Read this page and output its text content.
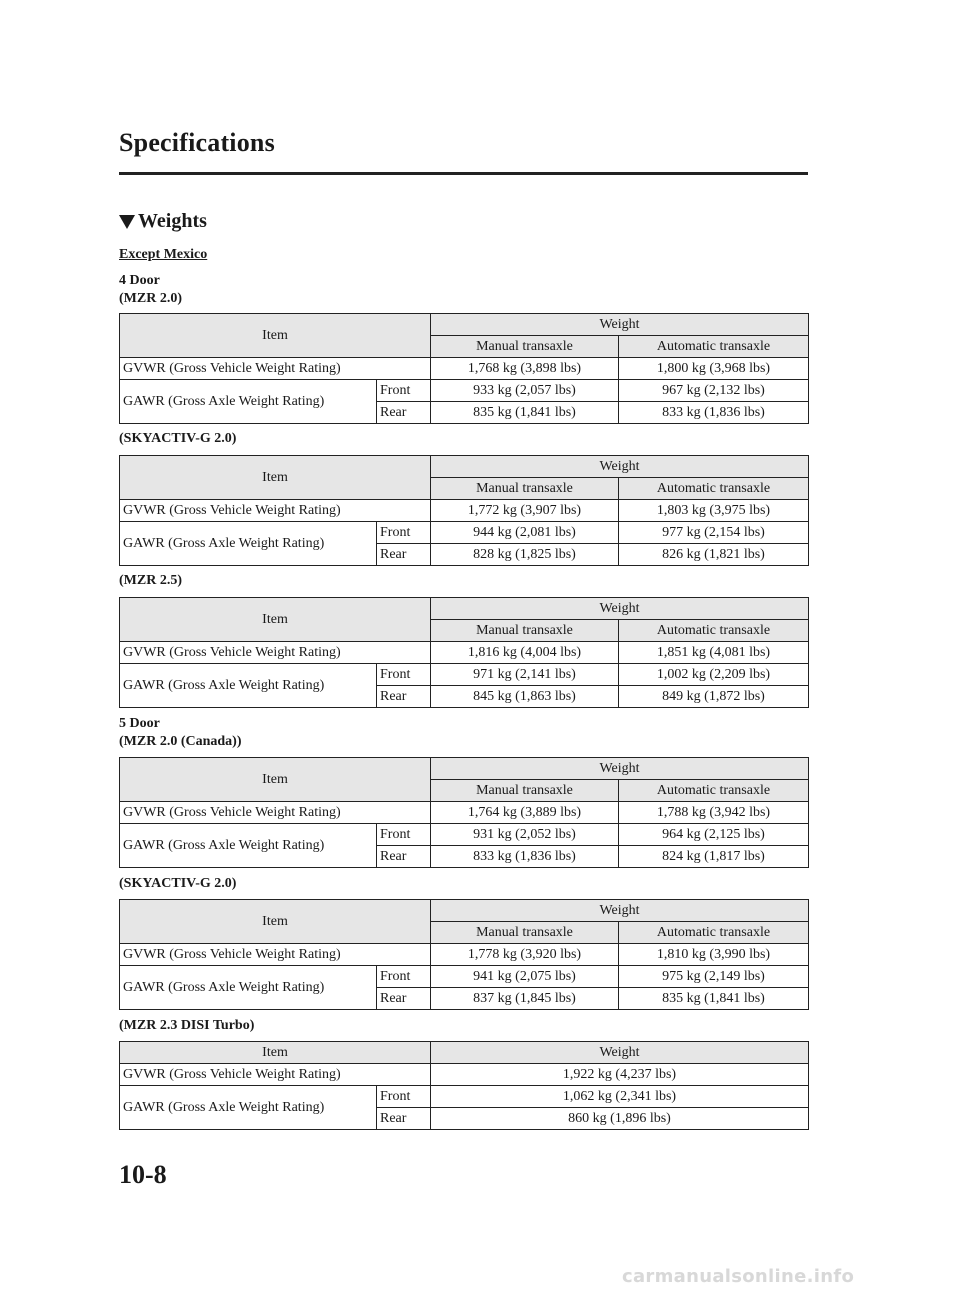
Specifications
Weights
Except Mexico
4 Door
(MZR 2.0)
Item		Weight	
		Manual transaxle	Automatic transaxle
GVWR (Gross Vehicle Weight Rating)		1,768 kg (3,898 lbs)	1,800 kg (3,968 lbs)
GAWR (Gross Axle Weight Rating)	Front	933 kg (2,057 lbs)	967 kg (2,132 lbs)
	Rear	835 kg (1,841 lbs)	833 kg (1,836 lbs)
(SKYACTIV-G 2.0)
Item		Weight	
		Manual transaxle	Automatic transaxle
GVWR (Gross Vehicle Weight Rating)		1,772 kg (3,907 lbs)	1,803 kg (3,975 lbs)
GAWR (Gross Axle Weight Rating)	Front	944 kg (2,081 lbs)	977 kg (2,154 lbs)
	Rear	828 kg (1,825 lbs)	826 kg (1,821 lbs)
(MZR 2.5)
Item		Weight	
		Manual transaxle	Automatic transaxle
GVWR (Gross Vehicle Weight Rating)		1,816 kg (4,004 lbs)	1,851 kg (4,081 lbs)
GAWR (Gross Axle Weight Rating)	Front	971 kg (2,141 lbs)	1,002 kg (2,209 lbs)
	Rear	845 kg (1,863 lbs)	849 kg (1,872 lbs)
5 Door
(MZR 2.0 (Canada))
Item		Weight	
		Manual transaxle	Automatic transaxle
GVWR (Gross Vehicle Weight Rating)		1,764 kg (3,889 lbs)	1,788 kg (3,942 lbs)
GAWR (Gross Axle Weight Rating)	Front	931 kg (2,052 lbs)	964 kg (2,125 lbs)
	Rear	833 kg (1,836 lbs)	824 kg (1,817 lbs)
(SKYACTIV-G 2.0)
Item		Weight	
		Manual transaxle	Automatic transaxle
GVWR (Gross Vehicle Weight Rating)		1,778 kg (3,920 lbs)	1,810 kg (3,990 lbs)
GAWR (Gross Axle Weight Rating)	Front	941 kg (2,075 lbs)	975 kg (2,149 lbs)
	Rear	837 kg (1,845 lbs)	835 kg (1,841 lbs)
(MZR 2.3 DISI Turbo)
Item		Weight
GVWR (Gross Vehicle Weight Rating)		1,922 kg (4,237 lbs)
GAWR (Gross Axle Weight Rating)	Front	1,062 kg (2,341 lbs)
	Rear	860 kg (1,896 lbs)
10-8
carmanualsonline.info
